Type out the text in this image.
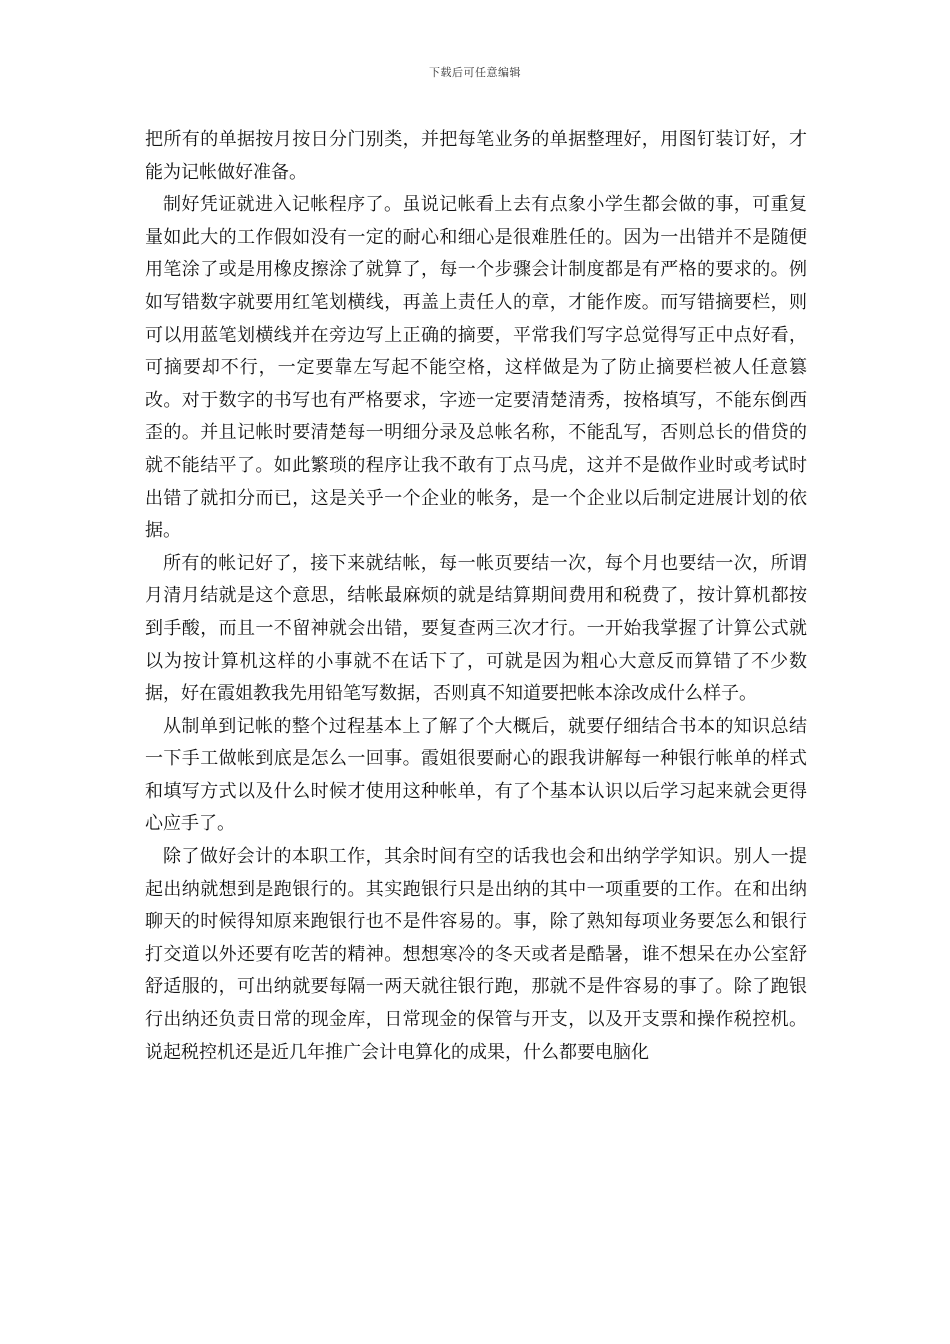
下载后可任意编辑

把所有的单据按月按日分门别类，并把每笔业务的单据整理好，用图钉装订好，才能为记帐做好准备。

制好凭证就进入记帐程序了。虽说记帐看上去有点象小学生都会做的事，可重复量如此大的工作假如没有一定的耐心和细心是很难胜任的。因为一出错并不是随便用笔涂了或是用橡皮擦涂了就算了，每一个步骤会计制度都是有严格的要求的。例如写错数字就要用红笔划横线，再盖上责任人的章，才能作废。而写错摘要栏，则可以用蓝笔划横线并在旁边写上正确的摘要，平常我们写字总觉得写正中点好看，可摘要却不行，一定要靠左写起不能空格，这样做是为了防止摘要栏被人任意篡改。对于数字的书写也有严格要求，字迹一定要清楚清秀，按格填写，不能东倒西歪的。并且记帐时要清楚每一明细分录及总帐名称，不能乱写，否则总长的借贷的就不能结平了。如此繁琐的程序让我不敢有丁点马虎，这并不是做作业时或考试时出错了就扣分而已，这是关乎一个企业的帐务，是一个企业以后制定进展计划的依据。

所有的帐记好了，接下来就结帐，每一帐页要结一次，每个月也要结一次，所谓月清月结就是这个意思，结帐最麻烦的就是结算期间费用和税费了，按计算机都按到手酸，而且一不留神就会出错，要复查两三次才行。一开始我掌握了计算公式就以为按计算机这样的小事就不在话下了，可就是因为粗心大意反而算错了不少数据，好在霞姐教我先用铅笔写数据，否则真不知道要把帐本涂改成什么样子。

从制单到记帐的整个过程基本上了解了个大概后，就要仔细结合书本的知识总结一下手工做帐到底是怎么一回事。霞姐很要耐心的跟我讲解每一种银行帐单的样式和填写方式以及什么时候才使用这种帐单，有了个基本认识以后学习起来就会更得心应手了。

除了做好会计的本职工作，其余时间有空的话我也会和出纳学学知识。别人一提起出纳就想到是跑银行的。其实跑银行只是出纳的其中一项重要的工作。在和出纳聊天的时候得知原来跑银行也不是件容易的。事，除了熟知每项业务要怎么和银行打交道以外还要有吃苦的精神。想想寒冷的冬天或者是酷暑，谁不想呆在办公室舒舒适服的，可出纳就要每隔一两天就往银行跑，那就不是件容易的事了。除了跑银行出纳还负责日常的现金库，日常现金的保管与开支，以及开支票和操作税控机。说起税控机还是近几年推广会计电算化的成果，什么都要电脑化
